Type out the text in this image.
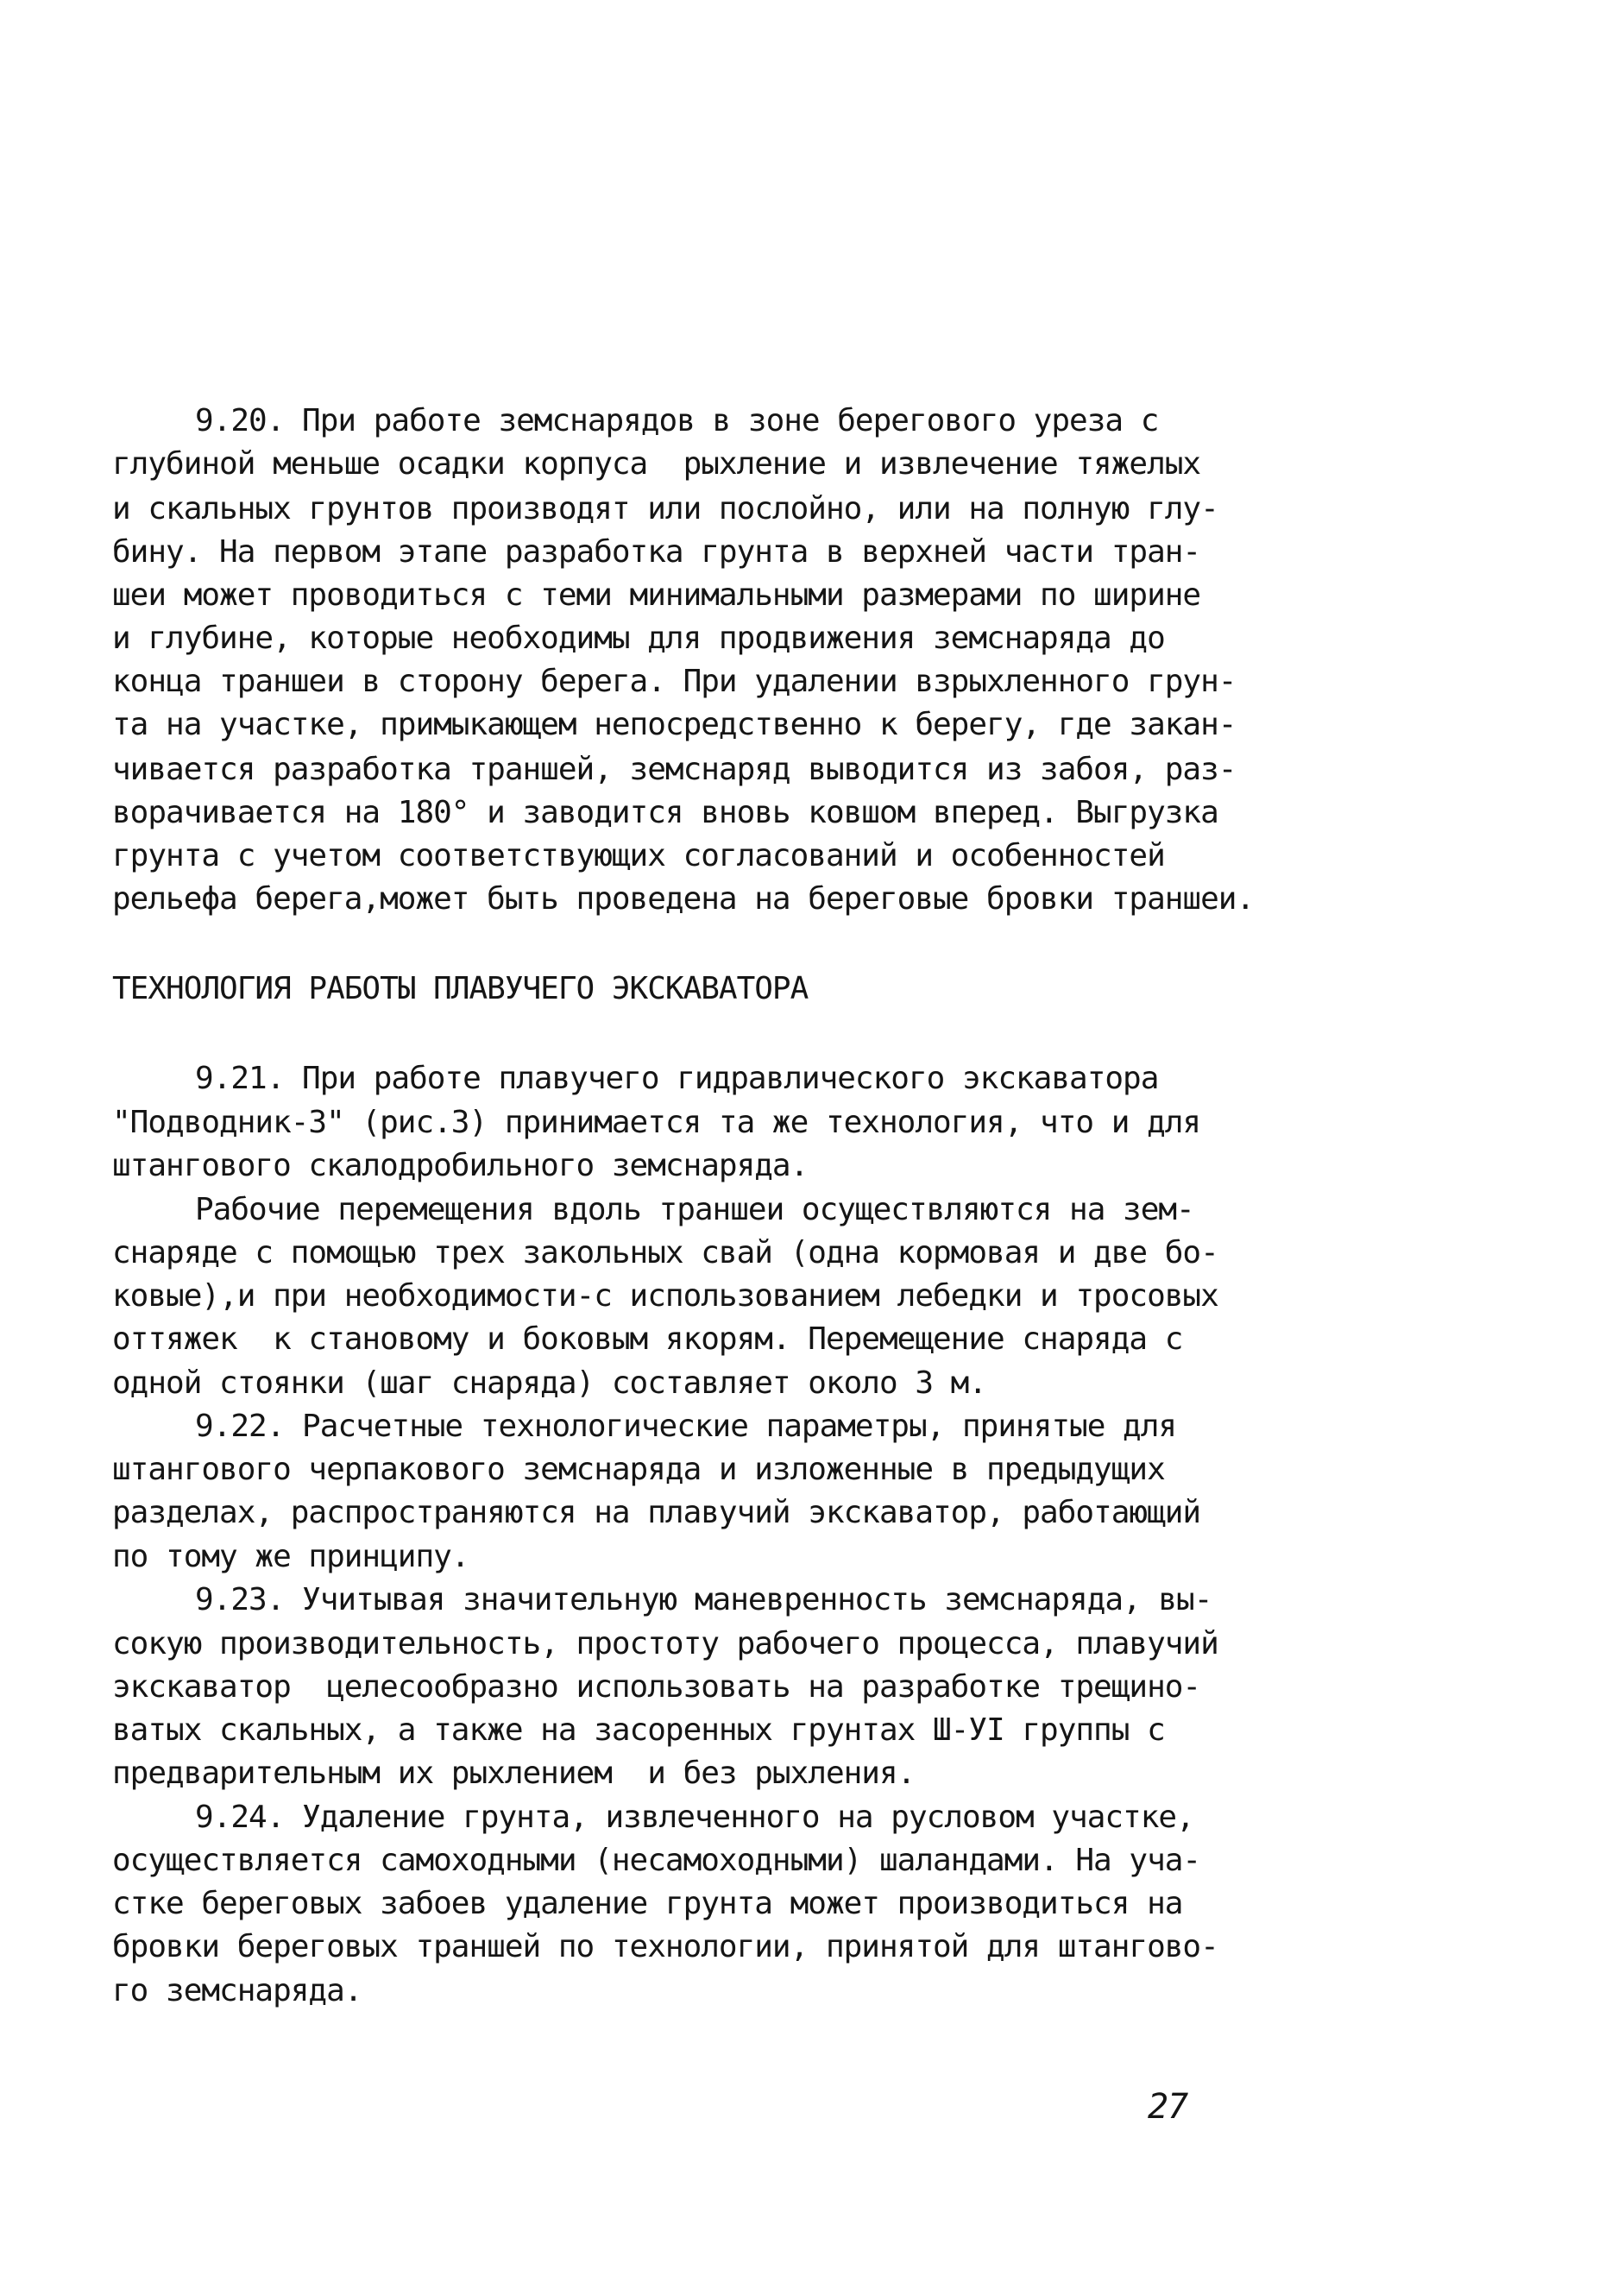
9.20. При работе земснарядов в зоне берегового уреза с
глубиной меньше осадки корпуса  рыхление и извлечение тяжелых
и скальных грунтов производят или послойно, или на полную глу-
бину. На первом этапе разработка грунта в верхней части тран-
шеи может проводиться с теми минимальными размерами по ширине
и глубине, которые необходимы для продвижения земснаряда до
конца траншеи в сторону берега. При удалении взрыхленного грун-
та на участке, примыкающем непосредственно к берегу, где закан-
чивается разработка траншей, земснаряд выводится из забоя, раз-
ворачивается на 180° и заводится вновь ковшом вперед. Выгрузка
грунта с учетом соответствующих согласований и особенностей
рельефа берега,может быть проведена на береговые бровки траншеи.
ТЕХНОЛОГИЯ РАБОТЫ ПЛАВУЧЕГО ЭКСКАВАТОРА
9.21. При работе плавучего гидравлического экскаватора
"Подводник-3" (рис.3) принимается та же технология, что и для
штангового скалодробильного земснаряда.
Рабочие перемещения вдоль траншеи осуществляются на зем-
снаряде с помощью трех закольных свай (одна кормовая и две бо-
ковые),и при необходимости-с использованием лебедки и тросовых
оттяжек  к становому и боковым якорям. Перемещение снаряда с
одной стоянки (шаг снаряда) составляет около 3 м.
9.22. Расчетные технологические параметры, принятые для
штангового черпакового земснаряда и изложенные в предыдущих
разделах, распространяются на плавучий экскаватор, работающий
по тому же принципу.
9.23. Учитывая значительную маневренность земснаряда, вы-
сокую производительность, простоту рабочего процесса, плавучий
экскаватор  целесообразно использовать на разработке трещино-
ватых скальных, а также на засоренных грунтах Ш-УI группы с
предварительным их рыхлением  и без рыхления.
9.24. Удаление грунта, извлеченного на русловом участке,
осуществляется самоходными (несамоходными) шаландами. На уча-
стке береговых забоев удаление грунта может производиться на
бровки береговых траншей по технологии, принятой для штангово-
го земснаряда.
27
